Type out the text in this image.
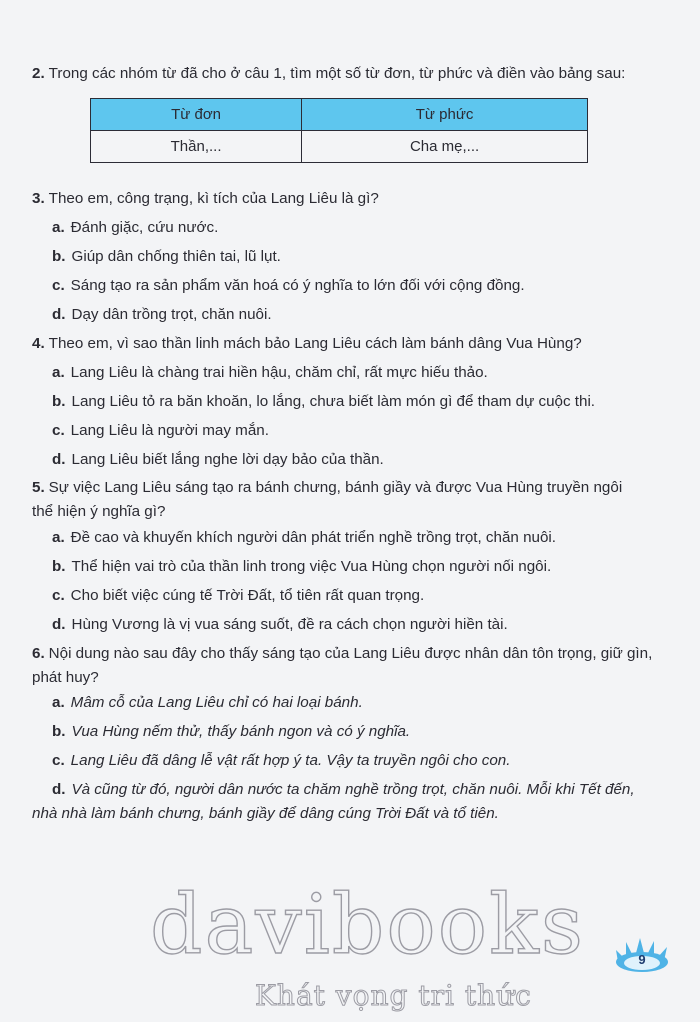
2. Trong các nhóm từ đã cho ở câu 1, tìm một số từ đơn, từ phức và điền vào bảng sau:
Từ đơn	Từ phức
Thần,...	Cha mẹ,...
3. Theo em, công trạng, kì tích của Lang Liêu là gì?
a. Đánh giặc, cứu nước.
b. Giúp dân chống thiên tai, lũ lụt.
c. Sáng tạo ra sản phẩm văn hoá có ý nghĩa to lớn đối với cộng đồng.
d. Dạy dân trồng trọt, chăn nuôi.
4. Theo em, vì sao thần linh mách bảo Lang Liêu cách làm bánh dâng Vua Hùng?
a. Lang Liêu là chàng trai hiền hậu, chăm chỉ, rất mực hiếu thảo.
b. Lang Liêu tỏ ra băn khoăn, lo lắng, chưa biết làm món gì để tham dự cuộc thi.
c. Lang Liêu là người may mắn.
d. Lang Liêu biết lắng nghe lời dạy bảo của thần.
5. Sự việc Lang Liêu sáng tạo ra bánh chưng, bánh giầy và được Vua Hùng truyền ngôi
thể hiện ý nghĩa gì?
a. Đề cao và khuyến khích người dân phát triển nghề trồng trọt, chăn nuôi.
b. Thể hiện vai trò của thần linh trong việc Vua Hùng chọn người nối ngôi.
c. Cho biết việc cúng tế Trời Đất, tổ tiên rất quan trọng.
d. Hùng Vương là vị vua sáng suốt, đề ra cách chọn người hiền tài.
6. Nội dung nào sau đây cho thấy sáng tạo của Lang Liêu được nhân dân tôn trọng, giữ gìn,
phát huy?
a. Mâm cỗ của Lang Liêu chỉ có hai loại bánh.
b. Vua Hùng nếm thử, thấy bánh ngon và có ý nghĩa.
c. Lang Liêu đã dâng lễ vật rất hợp ý ta. Vậy ta truyền ngôi cho con.
d. Và cũng từ đó, người dân nước ta chăm nghề trồng trọt, chăn nuôi. Mỗi khi Tết đến,
nhà nhà làm bánh chưng, bánh giầy để dâng cúng Trời Đất và tổ tiên.
davibooks
Khát vọng tri thức
9
